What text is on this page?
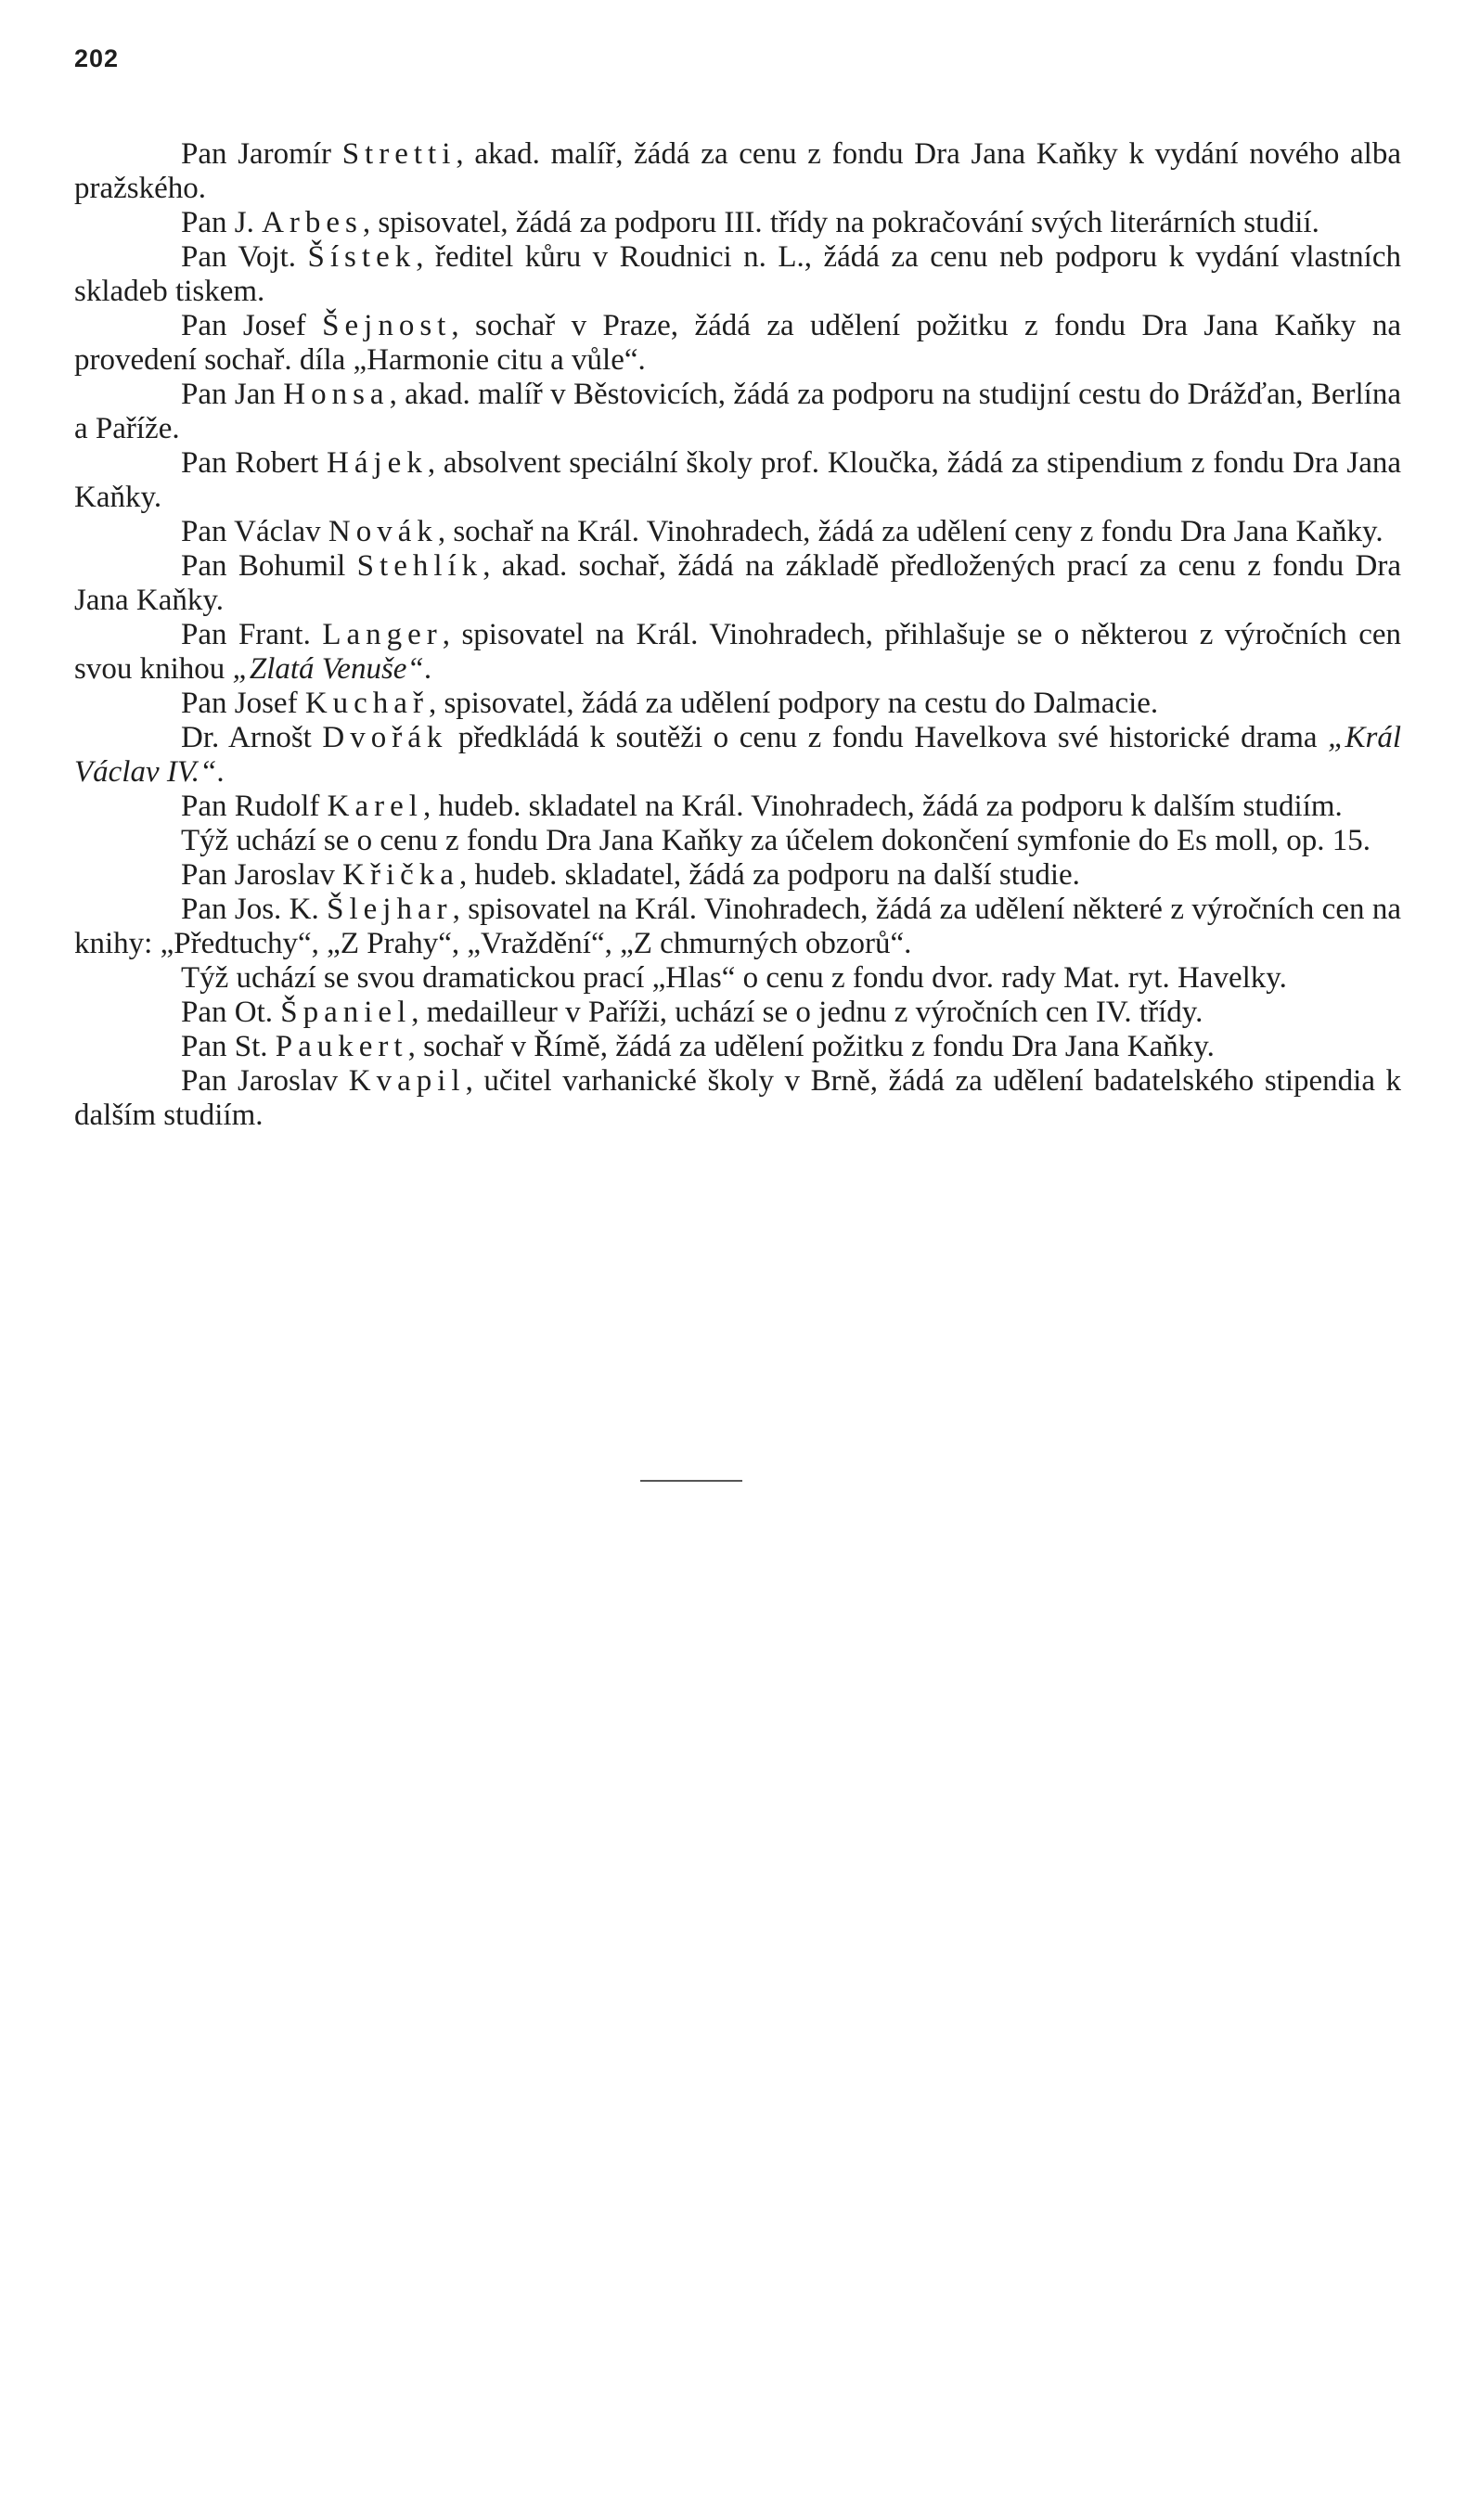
202

Pan Jaromír Stretti, akad. malíř, žádá za cenu z fondu Dra Jana Kaňky k vydání nového alba pražského.

Pan J. Arbes, spisovatel, žádá za podporu III. třídy na pokračování svých literárních studií.

Pan Vojt. Šístek, ředitel kůru v Roudnici n. L., žádá za cenu neb podporu k vydání vlastních skladeb tiskem.

Pan Josef Šejnost, sochař v Praze, žádá za udělení požitku z fondu Dra Jana Kaňky na provedení sochař. díla „Harmonie citu a vůle“.

Pan Jan Honsa, akad. malíř v Běstovicích, žádá za podporu na studijní cestu do Drážďan, Berlína a Paříže.

Pan Robert Hájek, absolvent speciální školy prof. Kloučka, žádá za stipendium z fondu Dra Jana Kaňky.

Pan Václav Novák, sochař na Král. Vinohradech, žádá za udělení ceny z fondu Dra Jana Kaňky.

Pan Bohumil Stehlík, akad. sochař, žádá na základě předložených prací za cenu z fondu Dra Jana Kaňky.

Pan Frant. Langer, spisovatel na Král. Vinohradech, přihlašuje se o některou z výročních cen svou knihou „Zlatá Venuše“.

Pan Josef Kuchař, spisovatel, žádá za udělení podpory na cestu do Dalmacie.

Dr. Arnošt Dvořák předkládá k soutěži o cenu z fondu Havelkova své historické drama „Král Václav IV.“.

Pan Rudolf Karel, hudeb. skladatel na Král. Vinohradech, žádá za podporu k dalším studiím.

Týž uchází se o cenu z fondu Dra Jana Kaňky za účelem dokončení symfonie do Es moll, op. 15.

Pan Jaroslav Křička, hudeb. skladatel, žádá za podporu na další studie.

Pan Jos. K. Šlejhar, spisovatel na Král. Vinohradech, žádá za udělení některé z výročních cen na knihy: „Předtuchy“, „Z Prahy“, „Vraždění“, „Z chmurných obzorů“.

Týž uchází se svou dramatickou prací „Hlas“ o cenu z fondu dvor. rady Mat. ryt. Havelky.

Pan Ot. Španiel, medailleur v Paříži, uchází se o jednu z výročních cen IV. třídy.

Pan St. Paukert, sochař v Římě, žádá za udělení požitku z fondu Dra Jana Kaňky.

Pan Jaroslav Kvapil, učitel varhanické školy v Brně, žádá za udělení badatelského stipendia k dalším studiím.
